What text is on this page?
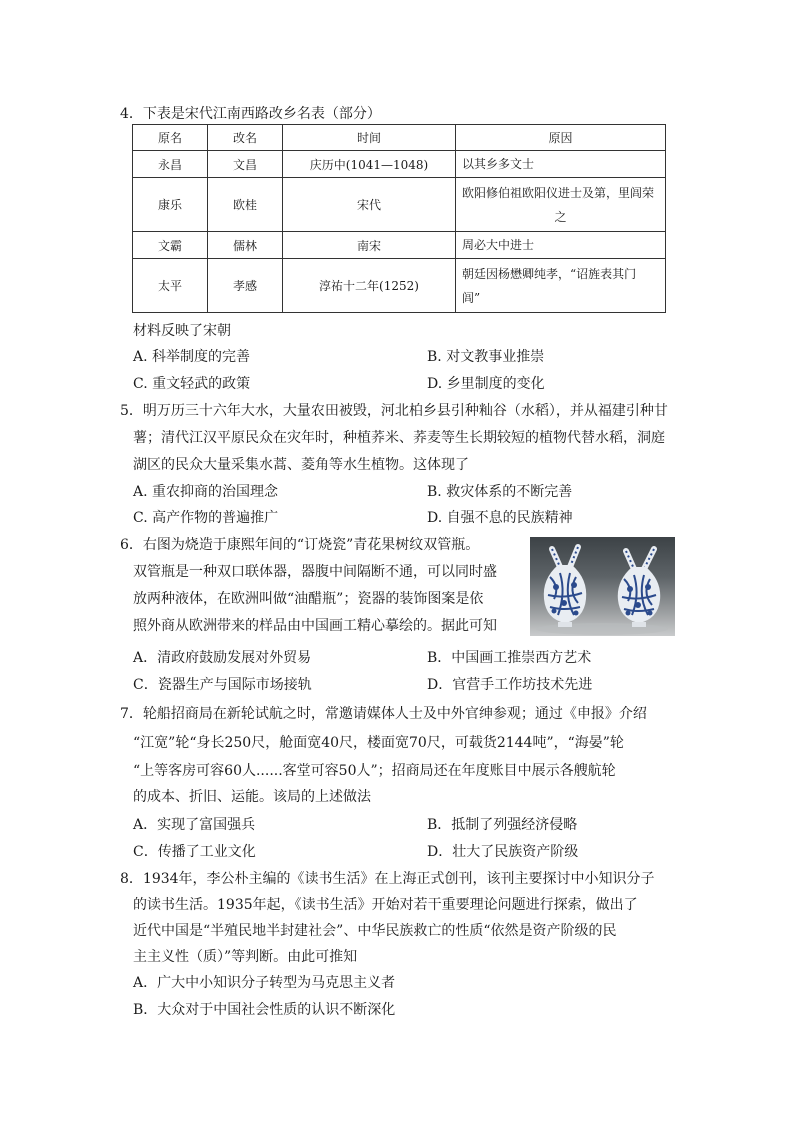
4．下表是宋代江南西路改乡名表（部分）
原名	改名	时间	原因
永昌	文昌	庆历中(1041—1048)	以其乡多文士
康乐	欧桂	宋代	欧阳修伯祖欧阳仪进士及第，里闾荣
之

文霸	儒林	南宋	周必大中进士
太平	孝感	淳祐十二年(1252)	朝廷因杨懋卿纯孝，“诏旌表其门
闾”
材料反映了宋朝
A. 科举制度的完善	B. 对文教事业推崇
C. 重文轻武的政策	D. 乡里制度的变化
5．明万历三十六年大水，大量农田被毁，河北柏乡县引种籼谷（水稻），并从福建引种甘
薯；清代江汉平原民众在灾年时，种植荞米、荞麦等生长期较短的植物代替水稻，洞庭
湖区的民众大量采集水蒿、菱角等水生植物。这体现了
A. 重农抑商的治国理念	B. 救灾体系的不断完善
C. 高产作物的普遍推广	D. 自强不息的民族精神
6．右图为烧造于康熙年间的“订烧瓷”青花果树纹双管瓶。
双管瓶是一种双口联体器，器腹中间隔断不通，可以同时盛
放两种液体，在欧洲叫做“油醋瓶”；瓷器的装饰图案是依
照外商从欧洲带来的样品由中国画工精心摹绘的。据此可知
A．清政府鼓励发展对外贸易	B．中国画工推崇西方艺术
C．瓷器生产与国际市场接轨	D．官营手工作坊技术先进
7．轮船招商局在新轮试航之时，常邀请媒体人士及中外官绅参观；通过《申报》介绍
“江宽”轮“身长250尺，舱面宽40尺，楼面宽70尺，可载货2144吨”，“海晏”轮
“上等客房可容60人......客堂可容50人”；招商局还在年度账目中展示各艘航轮
的成本、折旧、运能。该局的上述做法
A．实现了富国强兵	B．抵制了列强经济侵略
C．传播了工业文化	D．壮大了民族资产阶级
8．1934年，李公朴主编的《读书生活》在上海正式创刊，该刊主要探讨中小知识分子
的读书生活。1935年起，《读书生活》开始对若干重要理论问题进行探索，做出了
近代中国是“半殖民地半封建社会”、中华民族救亡的性质“依然是资产阶级的民
主主义性（质）”等判断。由此可推知
A．广大中小知识分子转型为马克思主义者
B．大众对于中国社会性质的认识不断深化
